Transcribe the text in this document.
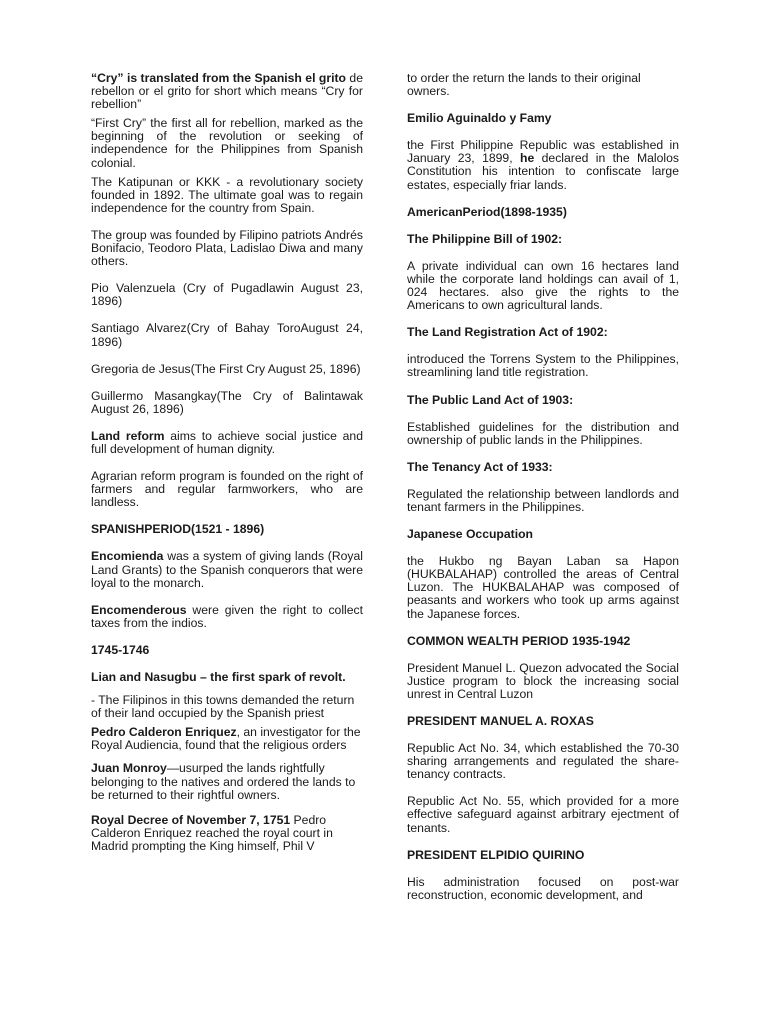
“Cry” is translated from the Spanish el grito de rebellon or el grito for short which means “Cry for rebellion”

“First Cry” the first all for rebellion, marked as the beginning of the revolution or seeking of independence for the Philippines from Spanish colonial.

The Katipunan or KKK - a revolutionary society founded in 1892. The ultimate goal was to regain independence for the country from Spain.

The group was founded by Filipino patriots Andrés Bonifacio, Teodoro Plata, Ladislao Diwa and many others.

Pio Valenzuela (Cry of Pugadlawin August 23, 1896)

Santiago Alvarez(Cry of Bahay ToroAugust 24, 1896)

Gregoria de Jesus(The First Cry August 25, 1896)

Guillermo Masangkay(The Cry of Balintawak August 26, 1896)

Land reform aims to achieve social justice and full development of human dignity.

Agrarian reform program is founded on the right of farmers and regular farmworkers, who are landless.

SPANISHPERIOD(1521 - 1896)

Encomienda was a system of giving lands (Royal Land Grants) to the Spanish conquerors that were loyal to the monarch.

Encomenderous were given the right to collect taxes from the indios.

1745-1746

Lian and Nasugbu – the first spark of revolt.

- The Filipinos in this towns demanded the return of their land occupied by the Spanish priest

Pedro Calderon Enriquez, an investigator for the Royal Audiencia, found that the religious orders

Juan Monroy—usurped the lands rightfully belonging to the natives and ordered the lands to be returned to their rightful owners.

Royal Decree of November 7, 1751 Pedro Calderon Enriquez reached the royal court in Madrid prompting the King himself, Phil V

to order the return the lands to their original owners.

Emilio Aguinaldo y Famy

the First Philippine Republic was established in January 23, 1899, he declared in the Malolos Constitution his intention to confiscate large estates, especially friar lands.

AmericanPeriod(1898-1935)

The Philippine Bill of 1902:

A private individual can own 16 hectares land while the corporate land holdings can avail of 1, 024 hectares. also give the rights to the Americans to own agricultural lands.

The Land Registration Act of 1902:

introduced the Torrens System to the Philippines, streamlining land title registration.

The Public Land Act of 1903:

Established guidelines for the distribution and ownership of public lands in the Philippines.

The Tenancy Act of 1933:

Regulated the relationship between landlords and tenant farmers in the Philippines.

Japanese Occupation

the Hukbo ng Bayan Laban sa Hapon (HUKBALAHAP) controlled the areas of Central Luzon. The HUKBALAHAP was composed of peasants and workers who took up arms against the Japanese forces.

COMMON WEALTH PERIOD 1935-1942

President Manuel L. Quezon advocated the Social Justice program to block the increasing social unrest in Central Luzon

PRESIDENT MANUEL A. ROXAS

Republic Act No. 34, which established the 70-30 sharing arrangements and regulated the share-tenancy contracts.

Republic Act No. 55, which provided for a more effective safeguard against arbitrary ejectment of tenants.

PRESIDENT ELPIDIO QUIRINO

His administration focused on post-war reconstruction, economic development, and
